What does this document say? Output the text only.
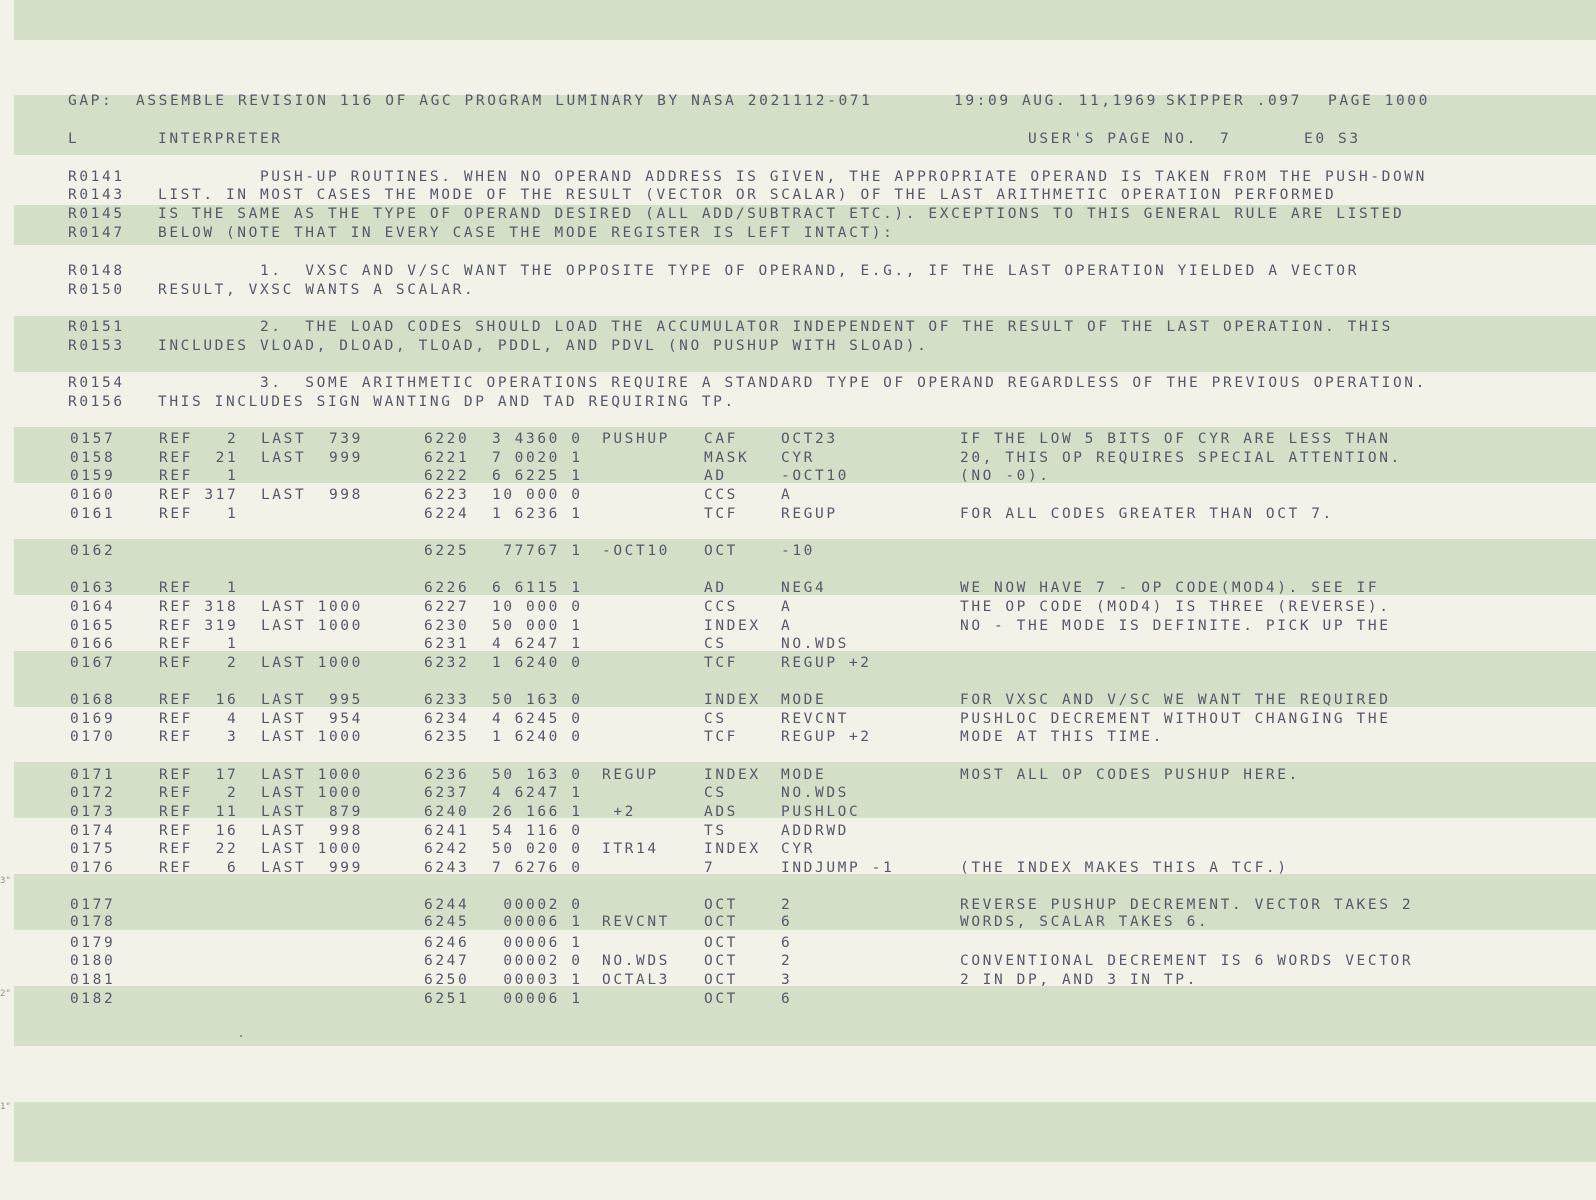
GAP:

ASSEMBLE REVISION 116 OF AGC PROGRAM LUMINARY BY NASA 2021112-071

	19:09 AUG. 11,1969

SKIPPER .097

PAGE 1000

L

	INTERPRETER

	USER'S PAGE NO.

7

	E0 S3

R0141 PUSH-UP ROUTINES. WHEN NO OPERAND ADDRESS IS GIVEN, THE APPROPRIATE OPERAND IS TAKEN FROM THE PUSH-DOWN
R0143 LIST. IN MOST CASES THE MODE OF THE RESULT (VECTOR OR SCALAR) OF THE LAST ARITHMETIC OPERATION PERFORMED
R0145 IS THE SAME AS THE TYPE OF OPERAND DESIRED (ALL ADD/SUBTRACT ETC.). EXCEPTIONS TO THIS GENERAL RULE ARE LISTED
R0147 BELOW (NOTE THAT IN EVERY CASE THE MODE REGISTER IS LEFT INTACT):
R0148 1.  VXSC AND V/SC WANT THE OPPOSITE TYPE OF OPERAND, E.G., IF THE LAST OPERATION YIELDED A VECTOR
R0150 RESULT, VXSC WANTS A SCALAR.
R0151 2.  THE LOAD CODES SHOULD LOAD THE ACCUMULATOR INDEPENDENT OF THE RESULT OF THE LAST OPERATION. THIS
R0153 INCLUDES VLOAD, DLOAD, TLOAD, PDDL, AND PDVL (NO PUSHUP WITH SLOAD).
R0154 3.  SOME ARITHMETIC OPERATIONS REQUIRE A STANDARD TYPE OF OPERAND REGARDLESS OF THE PREVIOUS OPERATION.
R0156 THIS INCLUDES SIGN WANTING DP AND TAD REQUIRING TP.
0157	REF   2  LAST  739	6220 3 4360 0 PUSHUP CAF	OCT23	IF THE LOW 5 BITS OF CYR ARE LESS THAN
0158	REF  21  LAST  999	6221 7 0020 1	MASK CYR	20, THIS OP REQUIRES SPECIAL ATTENTION.
0159	REF   1	6222 6 6225 1	AD	-OCT10	(NO -0).
0160	REF 317  LAST  998	6223 10 000 0	CCS	A
0161	REF   1	6224 1 6236 1	TCF	REGUP	FOR ALL CODES GREATER THAN OCT 7.
0162	6225 77767 1 -OCT10 OCT	-10
0163	REF   1	6226 6 6115 1	AD	NEG4	WE NOW HAVE 7 - OP CODE(MOD4). SEE IF
0164	REF 318  LAST 1000	6227 10 000 0	CCS	A	THE OP CODE (MOD4) IS THREE (REVERSE).
0165	REF 319  LAST 1000	6230 50 000 1	INDEX A	NO - THE MODE IS DEFINITE. PICK UP THE
0166	REF   1	6231 4 6247 1	CS	NO.WDS
0167	REF   2  LAST 1000	6232 1 6240 0	TCF	REGUP +2
0168	REF  16  LAST  995	6233 50 163 0	INDEX MODE	FOR VXSC AND V/SC WE WANT THE REQUIRED
0169	REF   4  LAST  954	6234 4 6245 0	CS	REVCNT	PUSHLOC DECREMENT WITHOUT CHANGING THE
0170	REF   3  LAST 1000	6235 1 6240 0	TCF	REGUP +2	MODE AT THIS TIME.
0171	REF  17  LAST 1000	6236 50 163 0 REGUP	INDEX MODE	MOST ALL OP CODES PUSHUP HERE.
0172	REF   2  LAST 1000	6237 4 6247 1	CS	NO.WDS
0173	REF  11  LAST  879	6240 26 166 1 +2	ADS	PUSHLOC
0174	REF  16  LAST  998	6241 54 116 0	TS	ADDRWD
0175	REF  22  LAST 1000	6242 50 020 0 ITR14	INDEX CYR
0176	REF   6  LAST  999	6243 7 6276 0	7	INDJUMP -1	(THE INDEX MAKES THIS A TCF.)
0177	6244 00002 0	OCT	2	REVERSE PUSHUP DECREMENT. VECTOR TAKES 2
0178	6245 00006 1 REVCNT OCT	6	WORDS, SCALAR TAKES 6.
0179	6246 00006 1	OCT	6
0180	6247 00002 0 NO.WDS OCT	2	CONVENTIONAL DECREMENT IS 6 WORDS VECTOR
0181	6250 00003 1 OCTAL3 OCT	3	2 IN DP, AND 3 IN TP.
0182	6251 00006 1	OCT	6
3"
2"
1"
